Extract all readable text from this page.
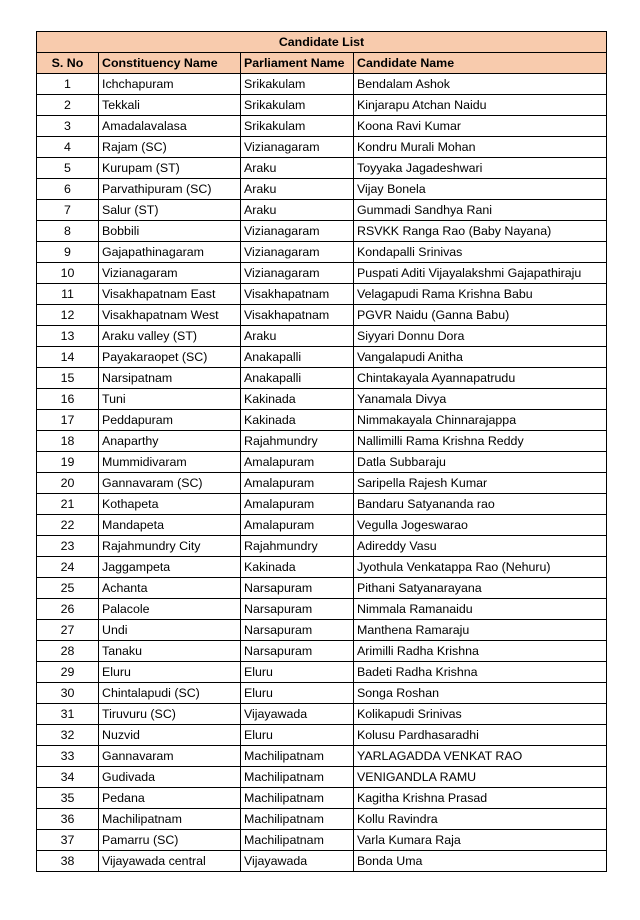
Candidate List			
S. No	Constituency Name	Parliament Name	Candidate Name
1	Ichchapuram	Srikakulam	Bendalam Ashok
2	Tekkali	Srikakulam	Kinjarapu Atchan Naidu
3	Amadalavalasa	Srikakulam	Koona Ravi Kumar
4	Rajam (SC)	Vizianagaram	Kondru Murali Mohan
5	Kurupam (ST)	Araku	Toyyaka Jagadeshwari
6	Parvathipuram (SC)	Araku	Vijay Bonela
7	Salur (ST)	Araku	Gummadi Sandhya Rani
8	Bobbili	Vizianagaram	RSVKK Ranga Rao (Baby Nayana)
9	Gajapathinagaram	Vizianagaram	Kondapalli Srinivas
10	Vizianagaram	Vizianagaram	Puspati Aditi Vijayalakshmi Gajapathiraju
11	Visakhapatnam East	Visakhapatnam	Velagapudi Rama Krishna Babu
12	Visakhapatnam West	Visakhapatnam	PGVR Naidu (Ganna Babu)
13	Araku valley (ST)	Araku	Siyyari Donnu Dora
14	Payakaraopet (SC)	Anakapalli	Vangalapudi Anitha
15	Narsipatnam	Anakapalli	Chintakayala Ayannapatrudu
16	Tuni	Kakinada	Yanamala Divya
17	Peddapuram	Kakinada	Nimmakayala Chinnarajappa
18	Anaparthy	Rajahmundry	Nallimilli Rama Krishna Reddy
19	Mummidivaram	Amalapuram	Datla Subbaraju
20	Gannavaram (SC)	Amalapuram	Saripella Rajesh Kumar
21	Kothapeta	Amalapuram	Bandaru Satyananda rao
22	Mandapeta	Amalapuram	Vegulla Jogeswarao
23	Rajahmundry City	Rajahmundry	Adireddy Vasu
24	Jaggampeta	Kakinada	Jyothula Venkatappa Rao (Nehuru)
25	Achanta	Narsapuram	Pithani Satyanarayana
26	Palacole	Narsapuram	Nimmala Ramanaidu
27	Undi	Narsapuram	Manthena Ramaraju
28	Tanaku	Narsapuram	Arimilli Radha Krishna
29	Eluru	Eluru	Badeti Radha Krishna
30	Chintalapudi (SC)	Eluru	Songa Roshan
31	Tiruvuru (SC)	Vijayawada	Kolikapudi Srinivas
32	Nuzvid	Eluru	Kolusu Pardhasaradhi
33	Gannavaram	Machilipatnam	YARLAGADDA VENKAT RAO
34	Gudivada	Machilipatnam	VENIGANDLA RAMU
35	Pedana	Machilipatnam	Kagitha Krishna Prasad
36	Machilipatnam	Machilipatnam	Kollu Ravindra
37	Pamarru (SC)	Machilipatnam	Varla Kumara Raja
38	Vijayawada central	Vijayawada	Bonda Uma
